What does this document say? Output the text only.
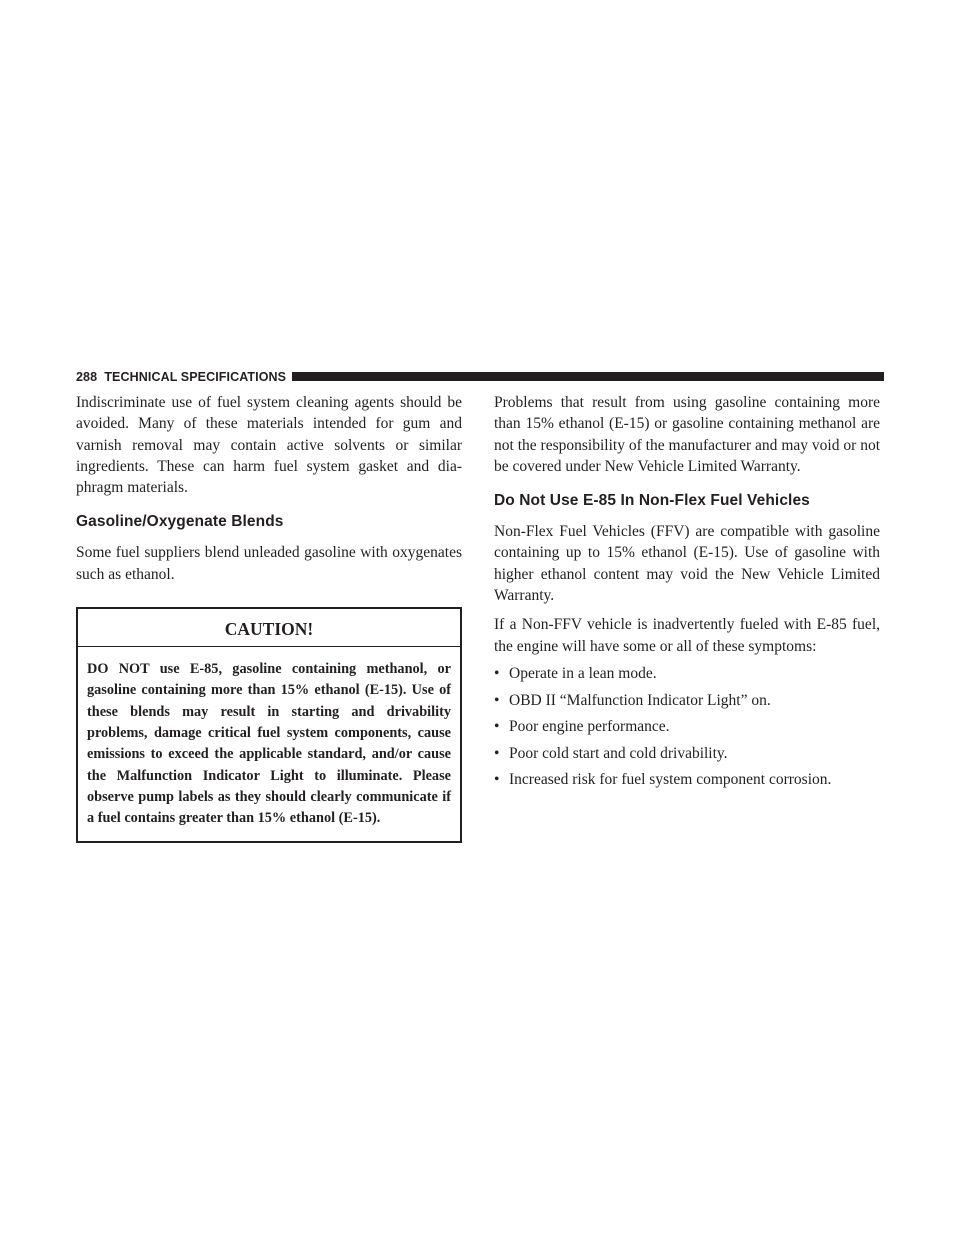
288 TECHNICAL SPECIFICATIONS

Indiscriminate use of fuel system cleaning agents should be avoided. Many of these materials intended for gum and varnish removal may contain active solvents or similar ingredients. These can harm fuel system gasket and diaphragm materials.

Gasoline/Oxygenate Blends

Some fuel suppliers blend unleaded gasoline with oxygenates such as ethanol.

CAUTION!
DO NOT use E-85, gasoline containing methanol, or gasoline containing more than 15% ethanol (E-15). Use of these blends may result in starting and drivability problems, damage critical fuel system components, cause emissions to exceed the applicable standard, and/or cause the Malfunction Indicator Light to illuminate. Please observe pump labels as they should clearly communicate if a fuel contains greater than 15% ethanol (E-15).

Problems that result from using gasoline containing more than 15% ethanol (E-15) or gasoline containing methanol are not the responsibility of the manufacturer and may void or not be covered under New Vehicle Limited Warranty.

Do Not Use E-85 In Non-Flex Fuel Vehicles

Non-Flex Fuel Vehicles (FFV) are compatible with gasoline containing up to 15% ethanol (E-15). Use of gasoline with higher ethanol content may void the New Vehicle Limited Warranty.

If a Non-FFV vehicle is inadvertently fueled with E-85 fuel, the engine will have some or all of these symptoms:

• Operate in a lean mode.
• OBD II “Malfunction Indicator Light” on.
• Poor engine performance.
• Poor cold start and cold drivability.
• Increased risk for fuel system component corrosion.
